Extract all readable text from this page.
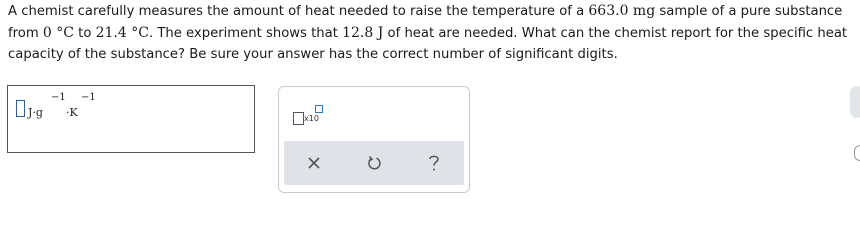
A chemist carefully measures the amount of heat needed to raise the temperature of a 663.0 mg sample of a pure substance from 0 °C to 21.4 °C. The experiment shows that 12.8 J of heat are needed. What can the chemist report for the specific heat capacity of the substance? Be sure your answer has the correct number of significant digits.
J·g
−1
·K
−1
x10
